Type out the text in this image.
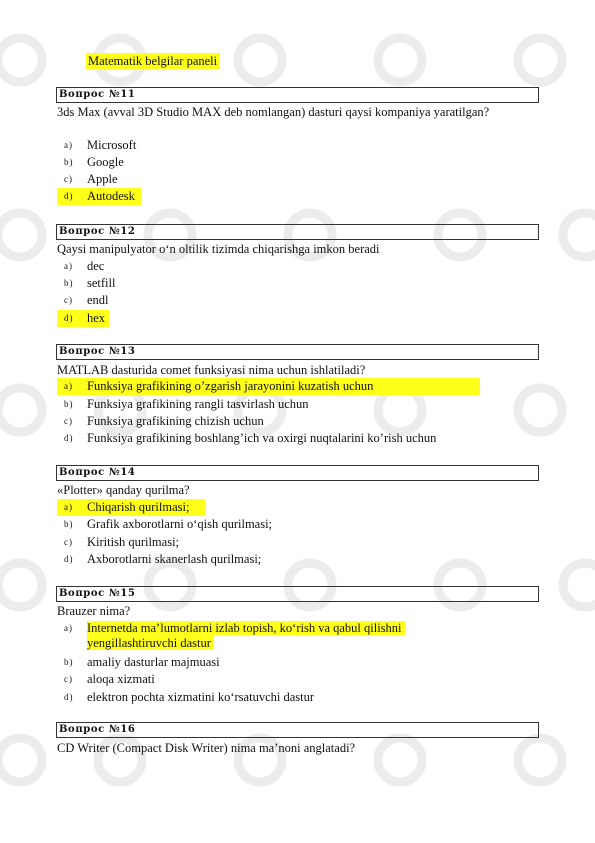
Matematik belgilar paneli
Вопрос №11
3ds Max (avval 3D Studio MAX deb nomlangan) dasturi qaysi kompaniya yaratilgan?
a) Microsoft
b) Google
c) Apple
d) Autodesk
Вопрос №12
Qaysi manipulyator o‘n oltilik tizimda chiqarishga imkon beradi
a) dec
b) setfill
c) endl
d) hex
Вопрос №13
MATLAB dasturida comet funksiyasi nima uchun ishlatiladi?
a) Funksiya grafikining o’zgarish jarayonini kuzatish uchun
b) Funksiya grafikining rangli tasvirlash uchun
c) Funksiya grafikining chizish uchun
d) Funksiya grafikining boshlang’ich va oxirgi nuqtalarini ko’rish uchun
Вопрос №14
«Plotter» qanday qurilma?
a) Chiqarish qurilmasi;
b) Grafik axborotlarni o‘qish qurilmasi;
c) Kiritish qurilmasi;
d) Axborotlarni skanerlash qurilmasi;
Вопрос №15
Brauzer nima?
a) Internetda ma’lumotlarni izlab topish, ko‘rish va qabul qilishni yengillashtiruvchi dastur
b) amaliy dasturlar majmuasi
c) aloqa xizmati
d) elektron pochta xizmatini ko‘rsatuvchi dastur
Вопрос №16
CD Writer (Compact Disk Writer) nima ma’noni anglatadi?
